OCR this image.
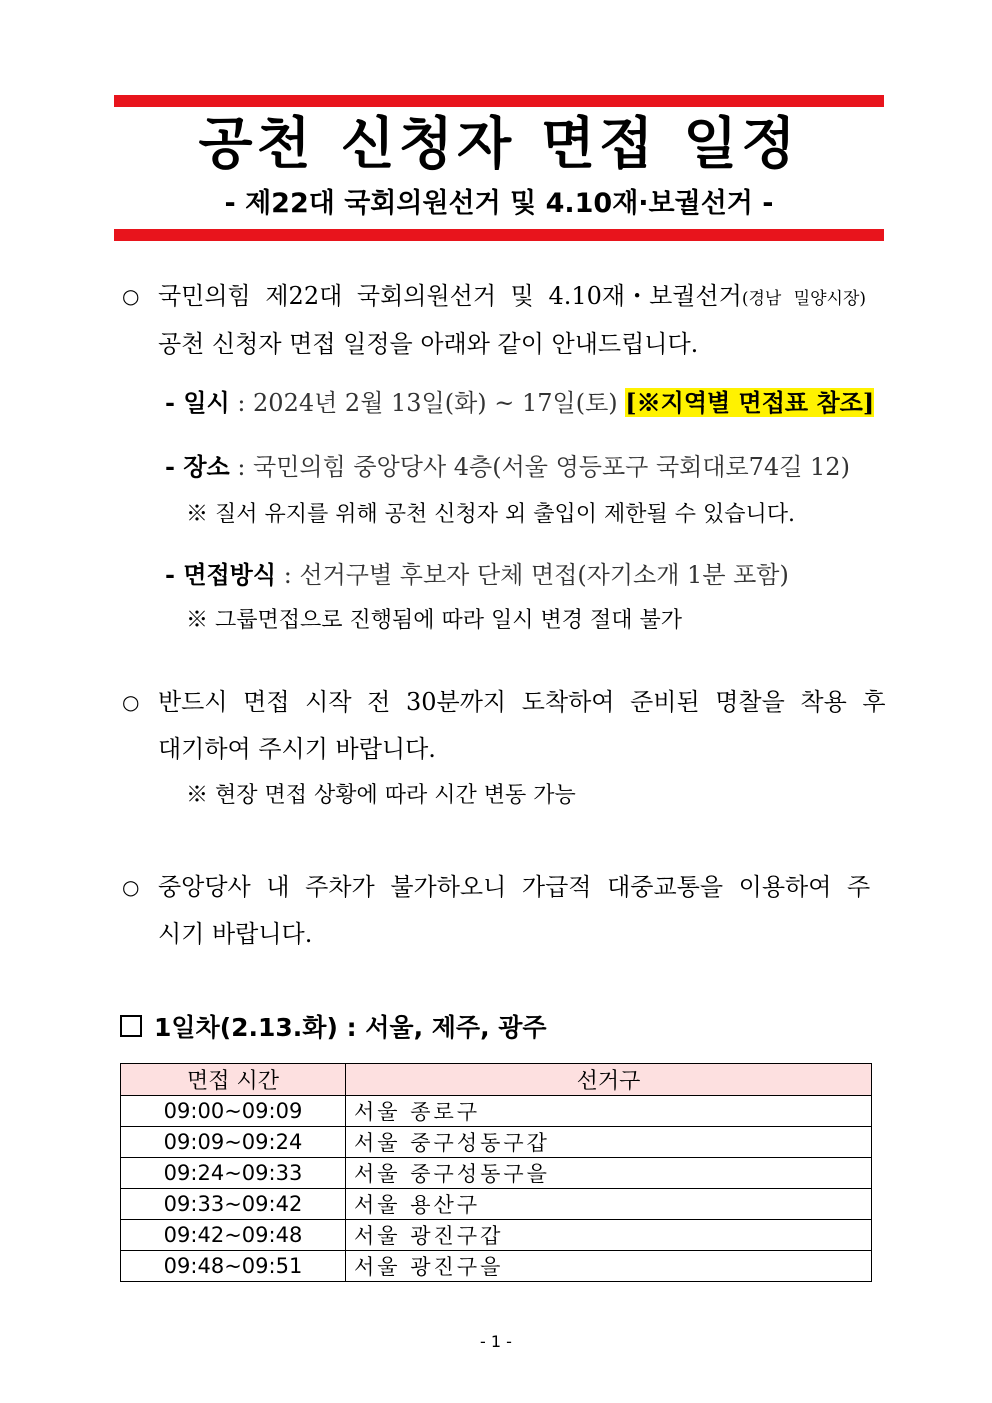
공천 신청자 면접 일정
- 제22대 국회의원선거 및 4.10재·보궐선거 -
○ 국민의힘 제22대 국회의원선거 및 4.10재・보궐선거(경남 밀양시장)
공천 신청자 면접 일정을 아래와 같이 안내드립니다.
- 일시 : 2024년 2월 13일(화) ~ 17일(토) [※지역별 면접표 참조]
- 장소 : 국민의힘 중앙당사 4층(서울 영등포구 국회대로74길 12)
※ 질서 유지를 위해 공천 신청자 외 출입이 제한될 수 있습니다.
- 면접방식 : 선거구별 후보자 단체 면접(자기소개 1분 포함)
※ 그룹면접으로 진행됨에 따라 일시 변경 절대 불가
○ 반드시 면접 시작 전 30분까지 도착하여 준비된 명찰을 착용 후
대기하여 주시기 바랍니다.
※ 현장 면접 상황에 따라 시간 변동 가능
○ 중앙당사 내 주차가 불가하오니 가급적 대중교통을 이용하여 주
시기 바랍니다.
1일차(2.13.화) : 서울, 제주, 광주
면접 시간	선거구
09:00~09:09	서울 종로구
09:09~09:24	서울 중구성동구갑
09:24~09:33	서울 중구성동구을
09:33~09:42	서울 용산구
09:42~09:48	서울 광진구갑
09:48~09:51	서울 광진구을
- 1 -
